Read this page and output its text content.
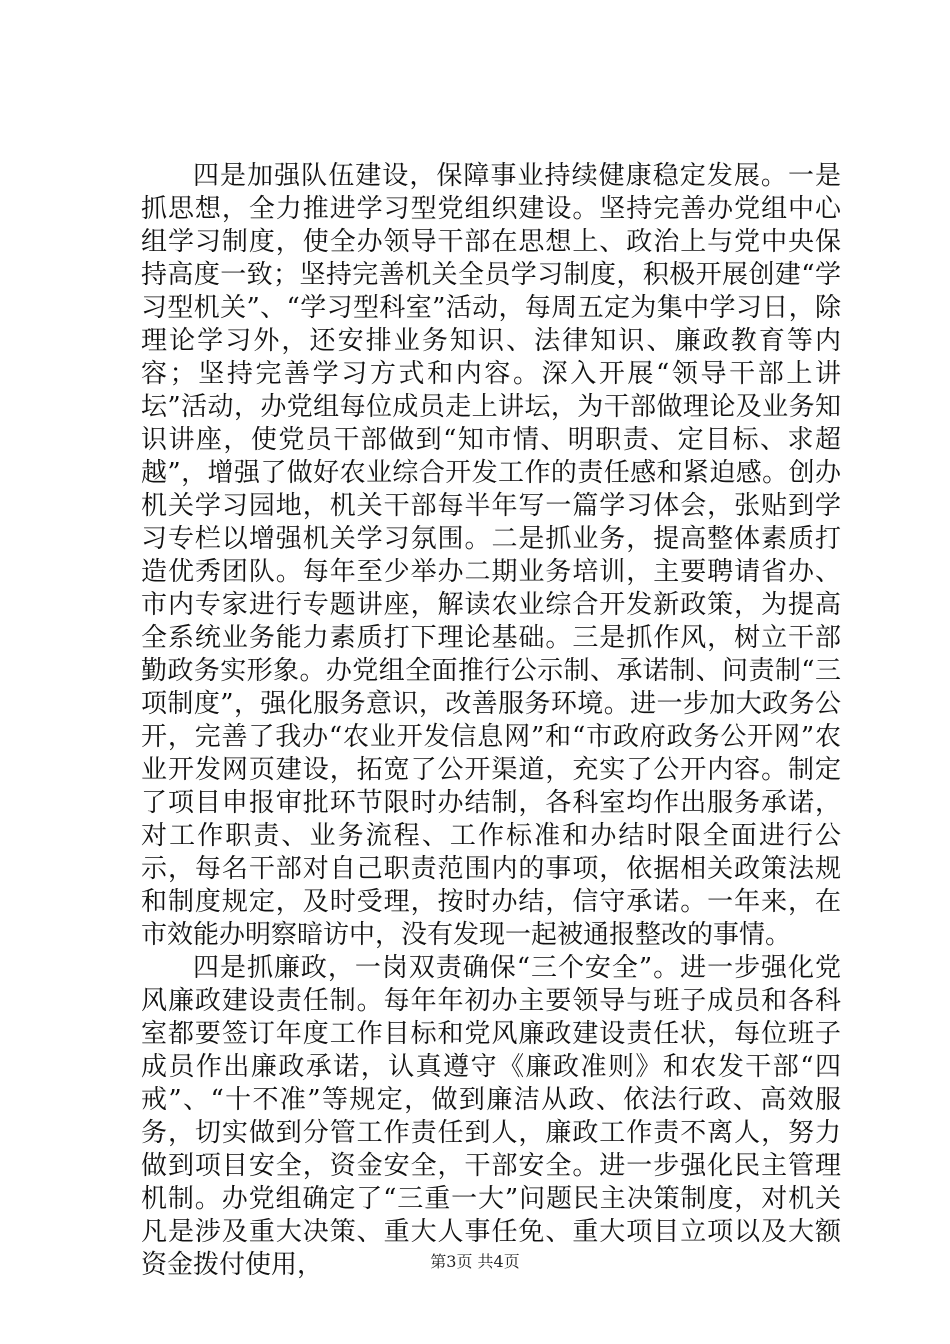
四是加强队伍建设，保障事业持续健康稳定发展。一是抓思想，全力推进学习型党组织建设。坚持完善办党组中心组学习制度，使全办领导干部在思想上、政治上与党中央保持高度一致；坚持完善机关全员学习制度，积极开展创建“学习型机关”、“学习型科室”活动，每周五定为集中学习日，除理论学习外，还安排业务知识、法律知识、廉政教育等内容；坚持完善学习方式和内容。深入开展“领导干部上讲坛”活动，办党组每位成员走上讲坛，为干部做理论及业务知识讲座，使党员干部做到“知市情、明职责、定目标、求超越”，增强了做好农业综合开发工作的责任感和紧迫感。创办机关学习园地，机关干部每半年写一篇学习体会，张贴到学习专栏以增强机关学习氛围。二是抓业务，提高整体素质打造优秀团队。每年至少举办二期业务培训，主要聘请省办、市内专家进行专题讲座，解读农业综合开发新政策，为提高全系统业务能力素质打下理论基础。三是抓作风，树立干部勤政务实形象。办党组全面推行公示制、承诺制、问责制“三项制度”，强化服务意识，改善服务环境。进一步加大政务公开，完善了我办“农业开发信息网”和“市政府政务公开网”农业开发网页建设，拓宽了公开渠道，充实了公开内容。制定了项目申报审批环节限时办结制，各科室均作出服务承诺，对工作职责、业务流程、工作标准和办结时限全面进行公示，每名干部对自己职责范围内的事项，依据相关政策法规和制度规定，及时受理，按时办结，信守承诺。一年来，在市效能办明察暗访中，没有发现一起被通报整改的事情。

四是抓廉政，一岗双责确保“三个安全”。进一步强化党风廉政建设责任制。每年年初办主要领导与班子成员和各科室都要签订年度工作目标和党风廉政建设责任状，每位班子成员作出廉政承诺，认真遵守《廉政准则》和农发干部“四戒”、“十不准”等规定，做到廉洁从政、依法行政、高效服务，切实做到分管工作责任到人，廉政工作责不离人，努力做到项目安全，资金安全，干部安全。进一步强化民主管理机制。办党组确定了“三重一大”问题民主决策制度，对机关凡是涉及重大决策、重大人事任免、重大项目立项以及大额资金拨付使用，	第3页 共4页
